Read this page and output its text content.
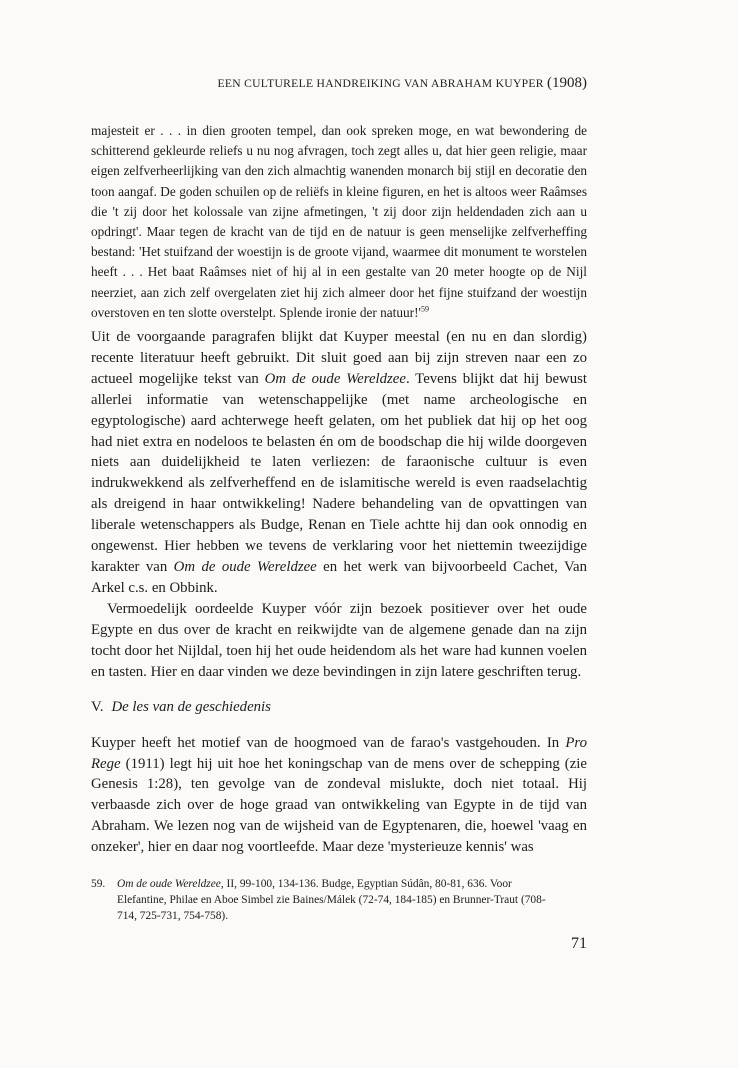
EEN CULTURELE HANDREIKING VAN ABRAHAM KUYPER (1908)
majesteit er . . . in dien grooten tempel, dan ook spreken moge, en wat bewondering de schitterend gekleurde reliefs u nu nog afvragen, toch zegt alles u, dat hier geen religie, maar eigen zelfverheerlijking van den zich almachtig wanenden monarch bij stijl en decoratie den toon aangaf. De goden schuilen op de reliëfs in kleine figuren, en het is altoos weer Raâmses die 't zij door het kolossale van zijne afmetingen, 't zij door zijn heldendaden zich aan u opdringt'. Maar tegen de kracht van de tijd en de natuur is geen menselijke zelfverheffing bestand: 'Het stuifzand der woestijn is de groote vijand, waarmee dit monument te worstelen heeft . . . Het baat Raâmses niet of hij al in een gestalte van 20 meter hoogte op de Nijl neerziet, aan zich zelf overgelaten ziet hij zich almeer door het fijne stuifzand der woestijn overstoven en ten slotte overstelpt. Splende ironie der $natuur!'^{59}$

Uit de voorgaande paragrafen blijkt dat Kuyper meestal (en nu en dan slordig) recente literatuur heeft gebruikt. Dit sluit goed aan bij zijn streven naar een zo actueel mogelijke tekst van Om de oude Wereldzee. Tevens blijkt dat hij bewust allerlei informatie van wetenschappelijke (met name archeologische en egyptologische) aard achterwege heeft gelaten, om het publiek dat hij op het oog had niet extra en nodeloos te belasten én om de boodschap die hij wilde doorgeven niets aan duidelijkheid te laten verliezen: de faraonische cultuur is even indrukwekkend als zelfverheffend en de islamitische wereld is even raadselachtig als dreigend in haar ontwikkeling! Nadere behandeling van de opvattingen van liberale wetenschappers als Budge, Renan en Tiele achtte hij dan ook onnodig en ongewenst. Hier hebben we tevens de verklaring voor het niettemin tweezijdige karakter van Om de oude Wereldzee en het werk van bijvoorbeeld Cachet, Van Arkel c.s. en Obbink.

Vermoedelijk oordeelde Kuyper vóór zijn bezoek positiever over het oude Egypte en dus over de kracht en reikwijdte van de algemene genade dan na zijn tocht door het Nijldal, toen hij het oude heidendom als het ware had kunnen voelen en tasten. Hier en daar vinden we deze bevindingen in zijn latere geschriften terug.

V. De les van de geschiedenis

Kuyper heeft het motief van de hoogmoed van de farao's vastgehouden. In Pro Rege (1911) legt hij uit hoe het koningschap van de mens over de schepping (zie Genesis 1:28), ten gevolge van de zondeval mislukte, doch niet totaal. Hij verbaasde zich over de hoge graad van ontwikkeling van Egypte in de tijd van Abraham. We lezen nog van de wijsheid van de Egyptenaren, die, hoewel 'vaag en onzeker', hier en daar nog voortleefde. Maar deze 'mysterieuze kennis' was

59. Om de oude Wereldzee, II, 99-100, 134-136. Budge, Egyptian Súdân, 80-81, 636. Voor
Elefantine, Philae en Aboe Simbel zie Baines/Málek (72-74, 184-185) en Brunner-Traut (708-
714, 725-731, 754-758).
71
